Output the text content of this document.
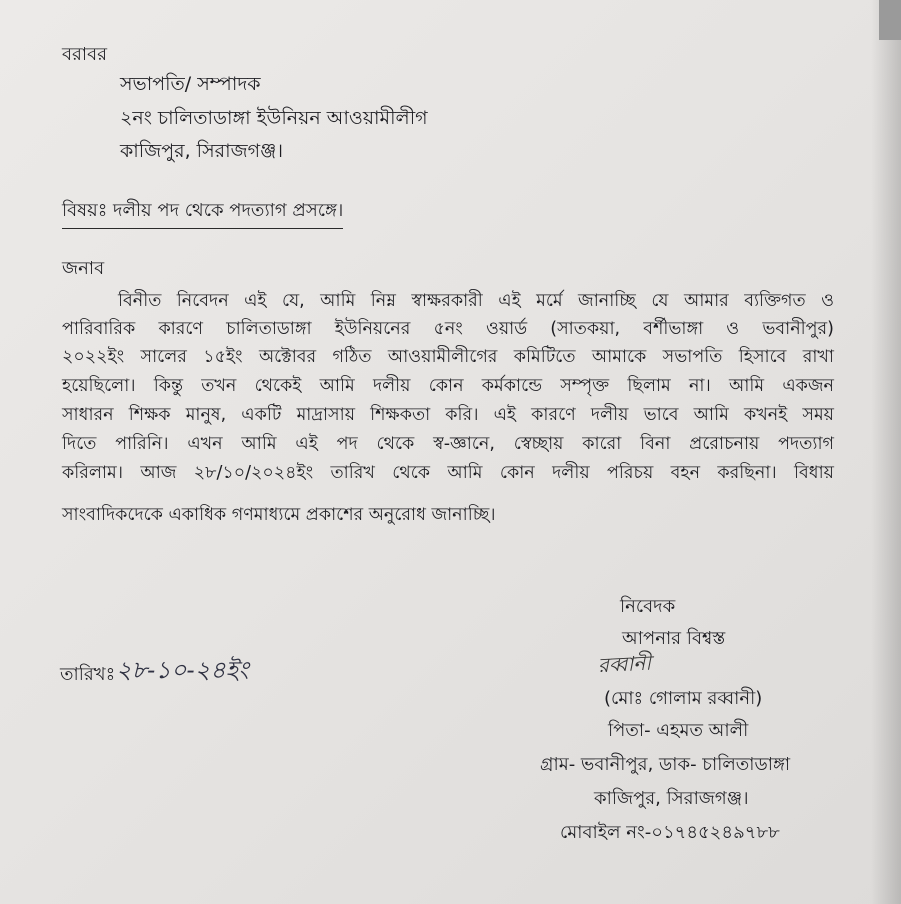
বরাবর
সভাপতি/ সম্পাদক
২নং চালিতাডাঙ্গা ইউনিয়ন আওয়ামীলীগ
কাজিপুর, সিরাজগঞ্জ।
বিষয়ঃ দলীয় পদ থেকে পদত্যাগ প্রসঙ্গে।
জনাব
বিনীত নিবেদন এই যে, আমি নিম্ন স্বাক্ষরকারী এই মর্মে জানাচ্ছি যে আমার ব্যক্তিগত ও
পারিবারিক কারণে চালিতাডাঙ্গা ইউনিয়নের ৫নং ওয়ার্ড (সাতকয়া, বর্শীভাঙ্গা ও ভবানীপুর)
২০২২ইং সালের ১৫ইং অক্টোবর গঠিত আওয়ামীলীগের কমিটিতে আমাকে সভাপতি হিসাবে রাখা
হয়েছিলো। কিন্তু তখন থেকেই আমি দলীয় কোন কর্মকান্ডে সম্পৃক্ত ছিলাম না। আমি একজন
সাধারন শিক্ষক মানুষ, একটি মাদ্রাসায় শিক্ষকতা করি। এই কারণে দলীয় ভাবে আমি কখনই সময়
দিতে পারিনি। এখন আমি এই পদ থেকে স্ব-জ্ঞানে, স্বেচ্ছায় কারো বিনা প্ররোচনায় পদত্যাগ
করিলাম। আজ ২৮/১০/২০২৪ইং তারিখ থেকে আমি কোন দলীয় পরিচয় বহন করছিনা। বিধায়
সাংবাদিকদেকে একাধিক গণমাধ্যমে প্রকাশের অনুরোধ জানাচ্ছি।
নিবেদক
আপনার বিশ্বস্ত
রব্বানী
(মোঃ গোলাম রব্বানী)
পিতা- এহমত আলী
গ্রাম- ভবানীপুর, ডাক- চালিতাডাঙ্গা
কাজিপুর, সিরাজগঞ্জ।
মোবাইল নং-০১৭৪৫২৪৯৭৮৮
তারিখঃ ২৮-১০-২৪ইং
